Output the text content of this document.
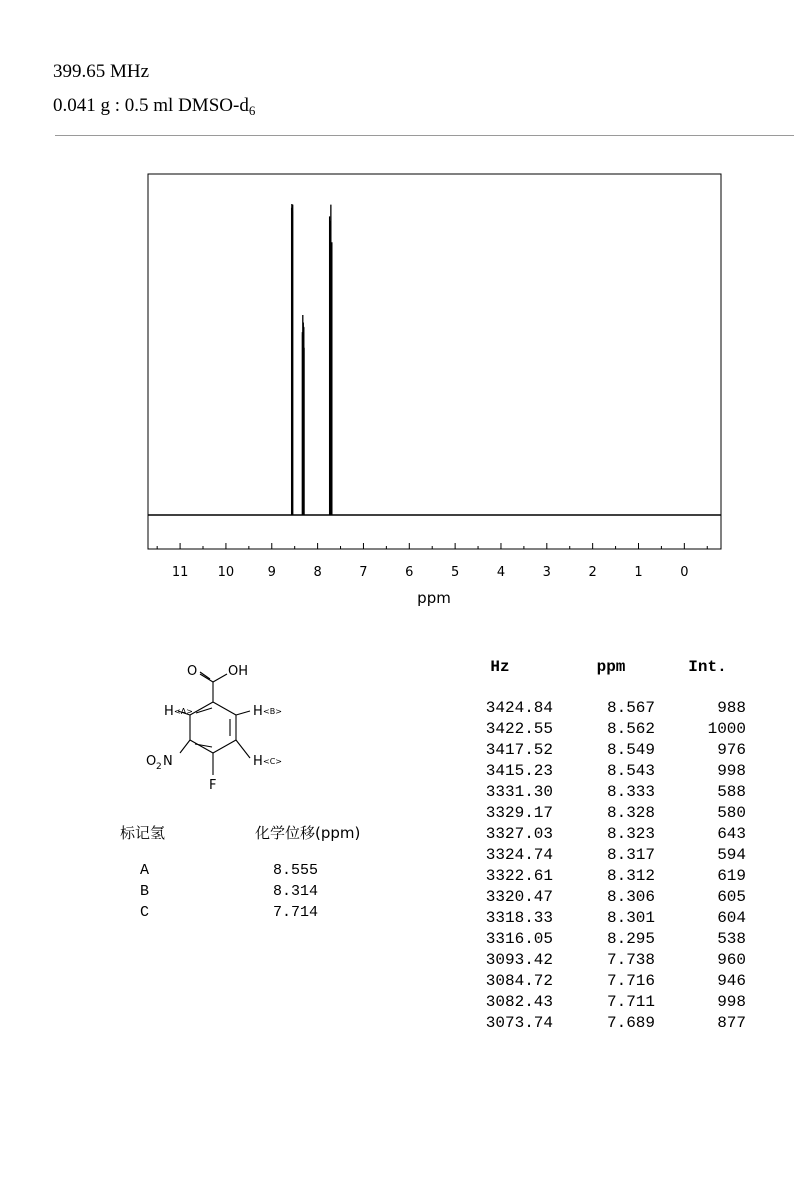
399.65 MHz
0.041 g : 0.5 ml DMSO-$d_6$
11 10	9	8	7	6	5	4	3	2	1	0
ppm
O OH
H <A>	H <B>
H <C>
O 2 N
F
标记氢	化学位移(ppm)
A	8.555
B	8.314
C	7.714
Hz	ppm	Int.
3424.84	8.567	988
3422.55	8.562	1000
3417.52	8.549	976
3415.23	8.543	998
3331.30	8.333	588
3329.17	8.328	580
3327.03	8.323	643
3324.74	8.317	594
3322.61	8.312	619
3320.47	8.306	605
3318.33	8.301	604
3316.05	8.295	538
3093.42	7.738	960
3084.72	7.716	946
3082.43	7.711	998
3073.74	7.689	877
